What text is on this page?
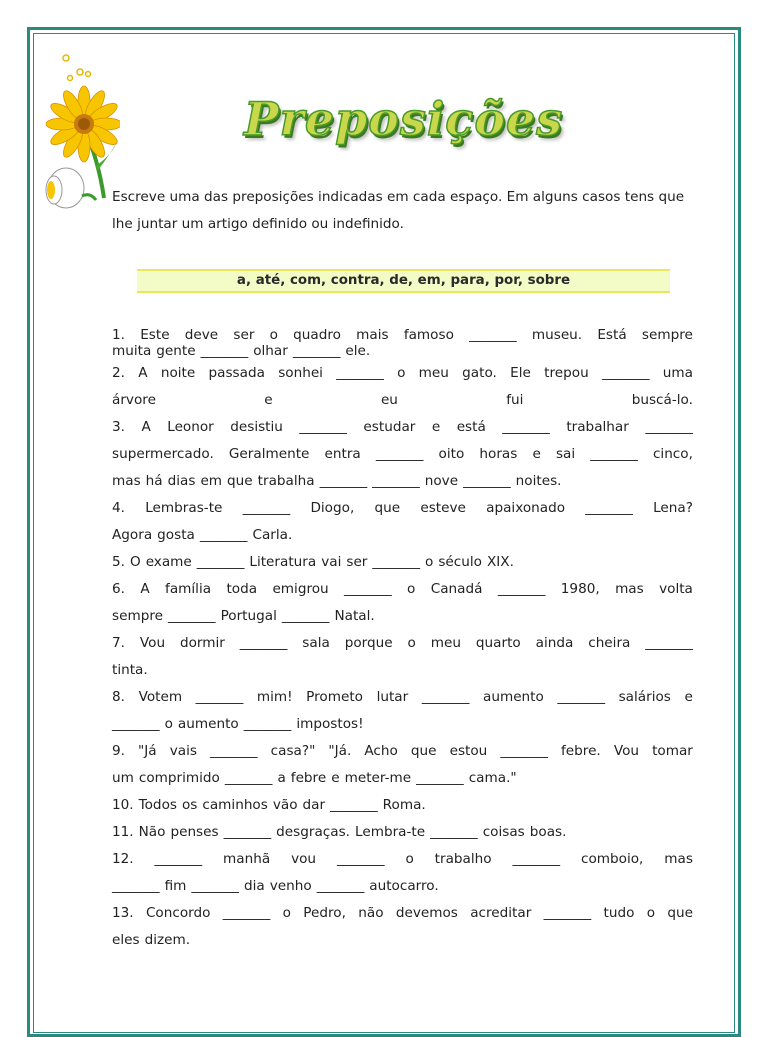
Preposições
Escreve uma das preposições indicadas em cada espaço. Em alguns casos tens que lhe juntar um artigo definido ou indefinido.
a, até, com, contra, de, em, para, por, sobre
1. Este deve ser o quadro mais famoso _______ museu. Está sempre
muita gente _______ olhar _______ ele.
2. A noite passada sonhei _______ o meu gato. Ele trepou _______ uma
árvore	e	eu	fui	buscá-lo.
3. A Leonor desistiu _______ estudar e está _______ trabalhar _______
supermercado. Geralmente entra _______ oito horas e sai _______ cinco,
mas há dias em que trabalha _______ _______ nove _______ noites.
4. Lembras-te _______ Diogo, que esteve apaixonado _______ Lena?
Agora gosta _______ Carla.
5. O exame _______ Literatura vai ser _______ o século XIX.
6. A família toda emigrou _______ o Canadá _______ 1980, mas volta
sempre _______ Portugal _______ Natal.
7. Vou dormir _______ sala porque o meu quarto ainda cheira _______
tinta.
8. Votem _______ mim! Prometo lutar _______ aumento _______ salários e
_______ o aumento _______ impostos!
9. "Já vais _______ casa?" "Já. Acho que estou _______ febre. Vou tomar
um comprimido _______ a febre e meter-me _______ cama."
10. Todos os caminhos vão dar _______ Roma.
11. Não penses _______ desgraças. Lembra-te _______ coisas boas.
12. _______ manhã vou _______ o trabalho _______ comboio, mas
_______ fim _______ dia venho _______ autocarro.
13. Concordo _______ o Pedro, não devemos acreditar _______ tudo o que
eles dizem.
